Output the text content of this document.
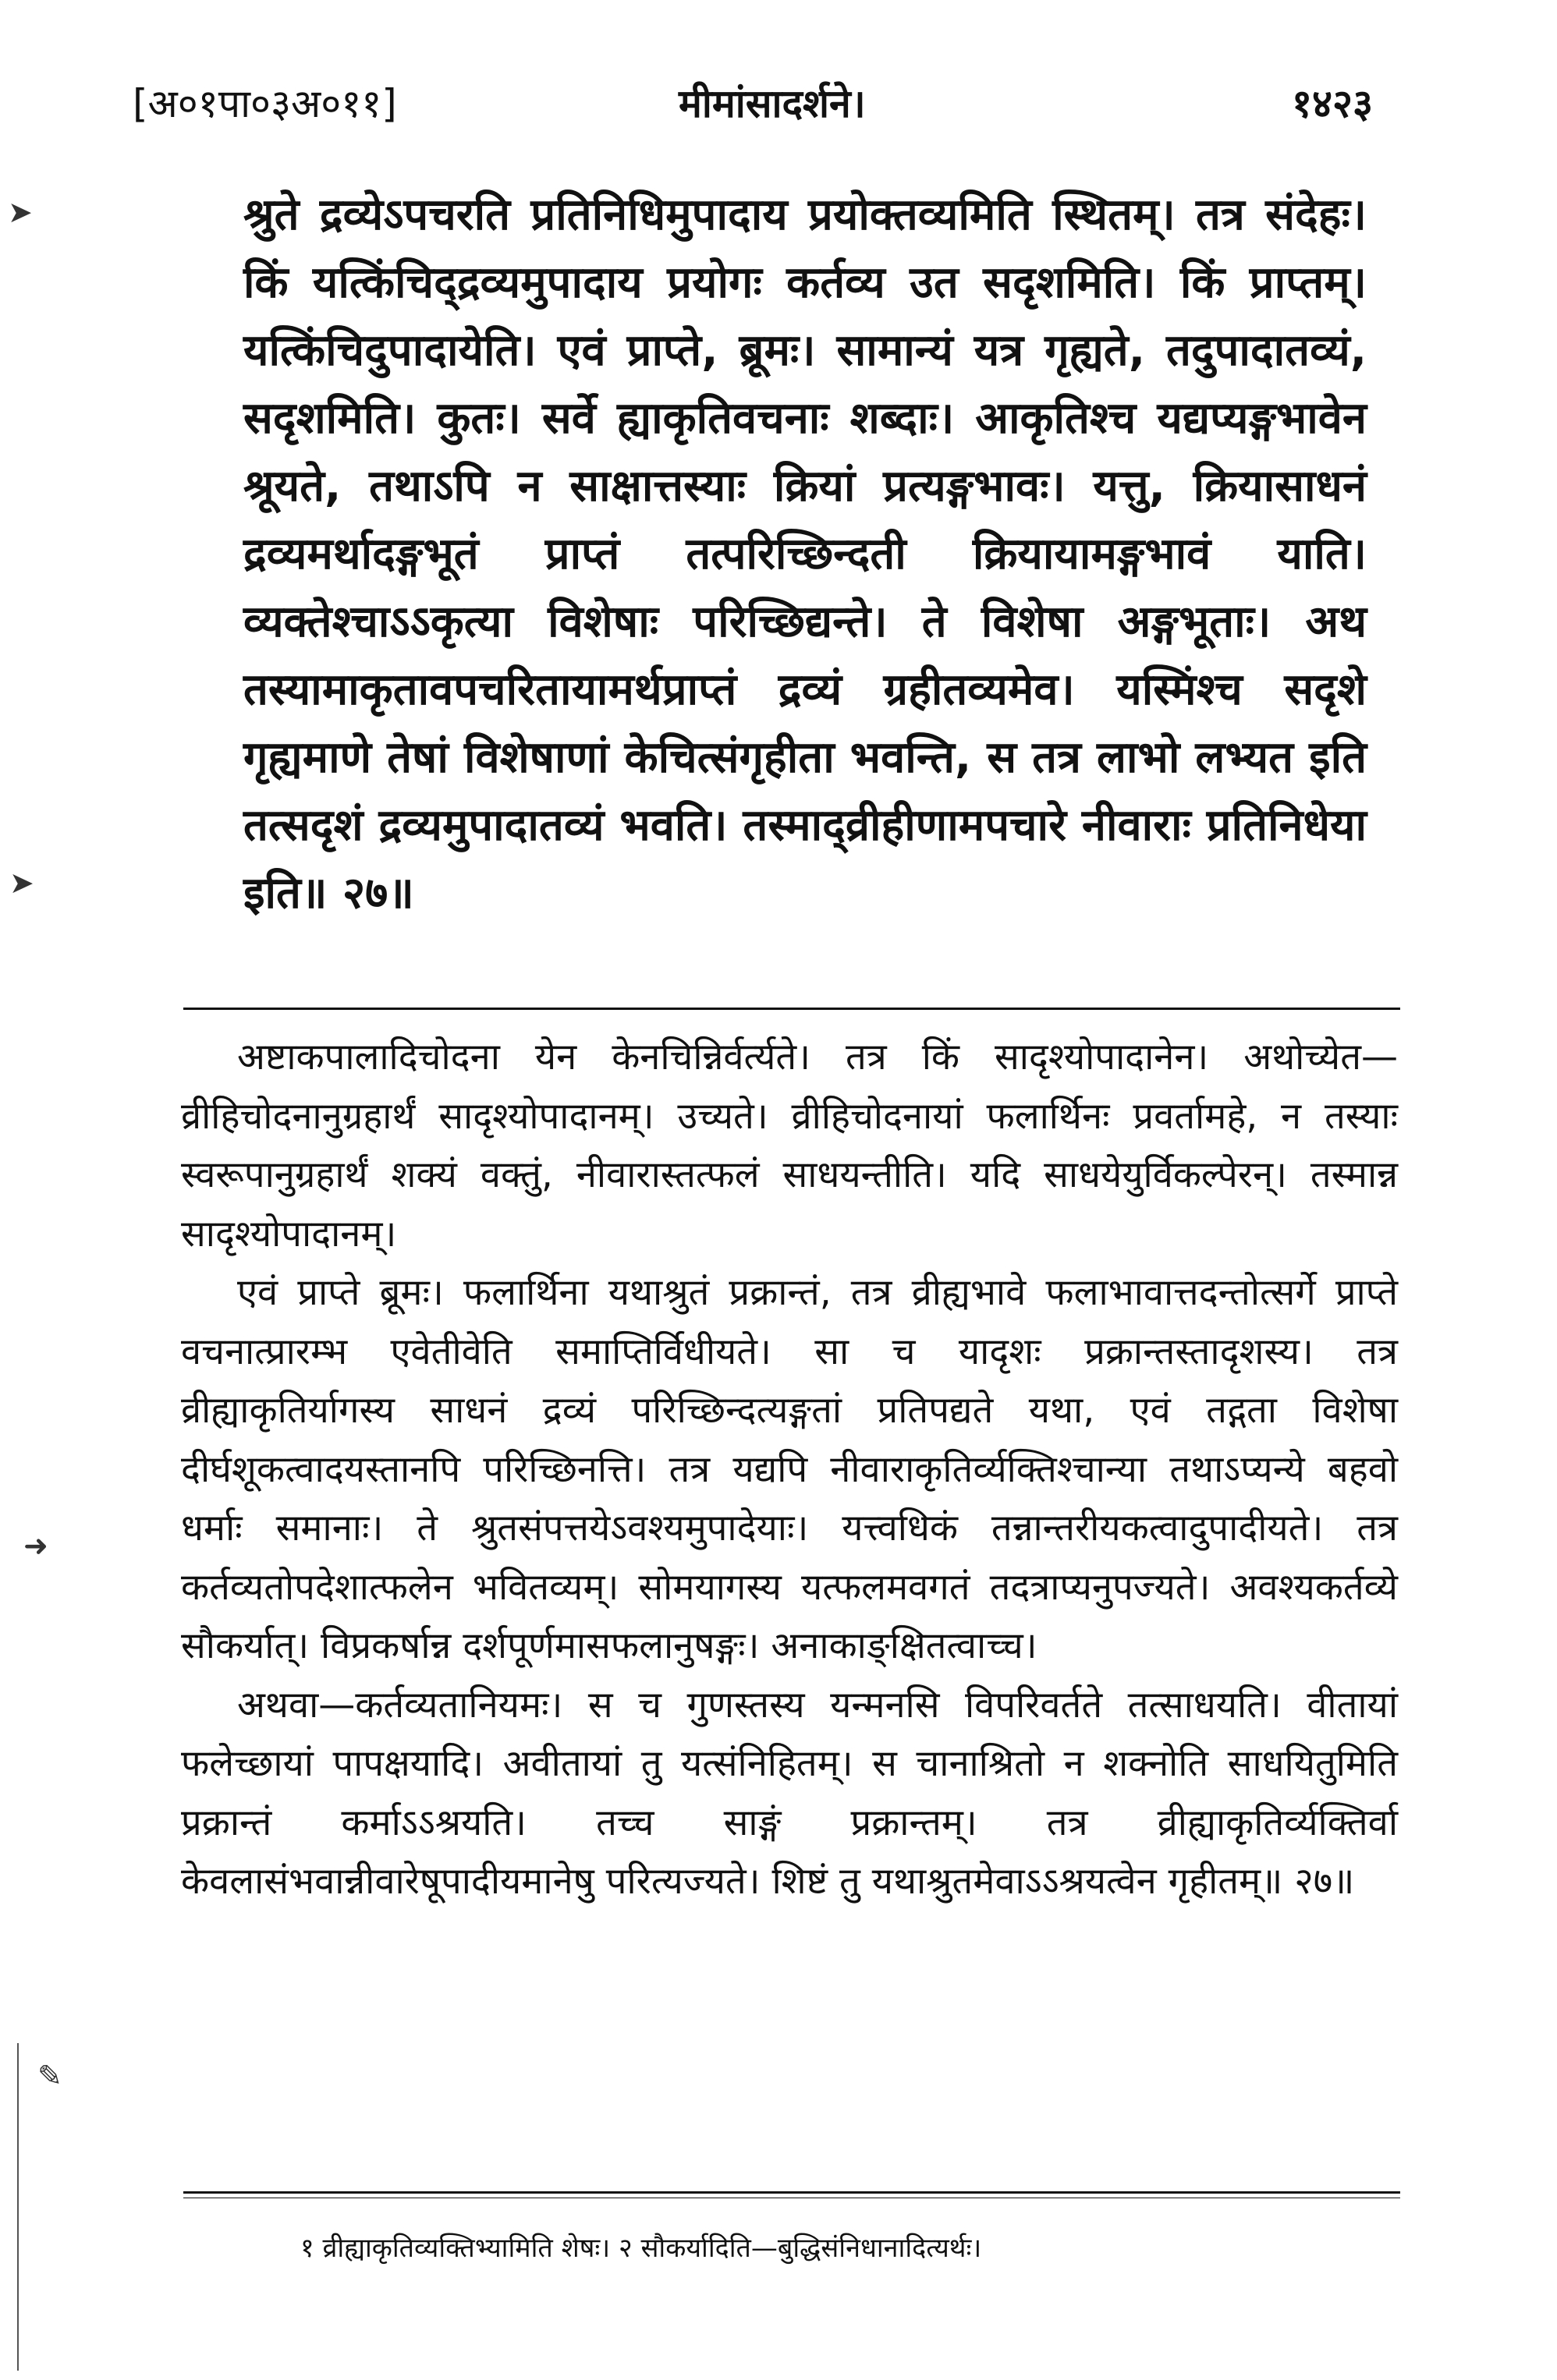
[अ०१पा०३अ०११]	मीमांसादर्शने।	१४२३

श्रुते द्रव्येऽपचरति प्रतिनिधिमुपादाय प्रयोक्तव्यमिति स्थितम्। तत्र संदेहः। किं यत्किंचिद्द्रव्यमुपादाय प्रयोगः कर्तव्य उत सदृशमिति। किं प्राप्तम्। यत्किंचिदुपादायेति। एवं प्राप्ते, ब्रूमः। सामान्यं यत्र गृह्यते, तदुपादातव्यं, सदृशमिति। कुतः। सर्वे ह्याकृतिवचनाः शब्दाः। आकृतिश्च यद्यप्यङ्गभावेन श्रूयते, तथाऽपि न साक्षात्तस्याः क्रियां प्रत्यङ्गभावः। यत्तु, क्रियासाधनं द्रव्यमर्थादङ्गभूतं प्राप्तं तत्परिच्छिन्दती क्रियायामङ्गभावं याति। व्यक्तेश्चाऽऽकृत्या विशेषाः परिच्छिद्यन्ते। ते विशेषा अङ्गभूताः। अथ तस्यामाकृतावपचरितायामर्थप्राप्तं द्रव्यं ग्रहीतव्यमेव। यस्मिंश्च सदृशे गृह्यमाणे तेषां विशेषाणां केचित्संगृहीता भवन्ति, स तत्र लाभो लभ्यत इति तत्सदृशं द्रव्यमुपादातव्यं भवति। तस्माद्व्रीहीणामपचारे नीवाराः प्रतिनिधेया इति॥ २७॥

अष्टाकपालादिचोदना येन केनचिन्निर्वर्त्यते। तत्र किं सादृश्योपादानेन। अथोच्येत—व्रीहिचोदनानुग्रहार्थं सादृश्योपादानम्। उच्यते। व्रीहिचोदनायां फलार्थिनः प्रवर्तामहे, न तस्याः स्वरूपानुग्रहार्थं शक्यं वक्तुं, नीवारास्तत्फलं साधयन्तीति। यदि साधयेयुर्विकल्पेरन्। तस्मान्न सादृश्योपादानम्।

एवं प्राप्ते ब्रूमः। फलार्थिना यथाश्रुतं प्रक्रान्तं, तत्र व्रीह्यभावे फलाभावात्तदन्तोत्सर्गे प्राप्ते वचनात्प्रारम्भ एवेतीवेति समाप्तिर्विधीयते। सा च यादृशः प्रक्रान्तस्तादृशस्य। तत्र व्रीह्याकृतिर्यागस्य साधनं द्रव्यं परिच्छिन्दत्यङ्गतां प्रतिपद्यते यथा, एवं तद्गता विशेषा दीर्घशूकत्वादयस्तानपि परिच्छिनत्ति। तत्र यद्यपि नीवाराकृतिर्व्यक्तिश्चान्या तथाऽप्यन्ये बहवो धर्माः समानाः। ते श्रुतसंपत्तयेऽवश्यमुपादेयाः। यत्त्वधिकं तन्नान्तरीयकत्वादुपादीयते। तत्र कर्तव्यतोपदेशात्फलेन भवितव्यम्। सोमयागस्य यत्फलमवगतं तदत्राप्यनुपज्यते। अवश्यकर्तव्ये सौकर्यात्। विप्रकर्षान्न दर्शपूर्णमासफलानुषङ्गः। अनाकाङ्क्षितत्वाच्च।

अथवा—कर्तव्यतानियमः। स च गुणस्तस्य यन्मनसि विपरिवर्तते तत्साधयति। वीतायां फलेच्छायां पापक्षयादि। अवीतायां तु यत्संनिहितम्। स चानाश्रितो न शक्नोति साधयितुमिति प्रक्रान्तं कर्माऽऽश्रयति। तच्च साङ्गं प्रक्रान्तम्। तत्र व्रीह्याकृतिर्व्यक्तिर्वा केवलासंभवान्नीवारेषूपादीयमानेषु परित्यज्यते। शिष्टं तु यथाश्रुतमेवाऽऽश्रयत्वेन गृहीतम्॥ २७॥

१ व्रीह्याकृतिव्यक्तिभ्यामिति शेषः। २ सौकर्यादिति—बुद्धिसंनिधानादित्यर्थः।
➤
➤
➜
✎
